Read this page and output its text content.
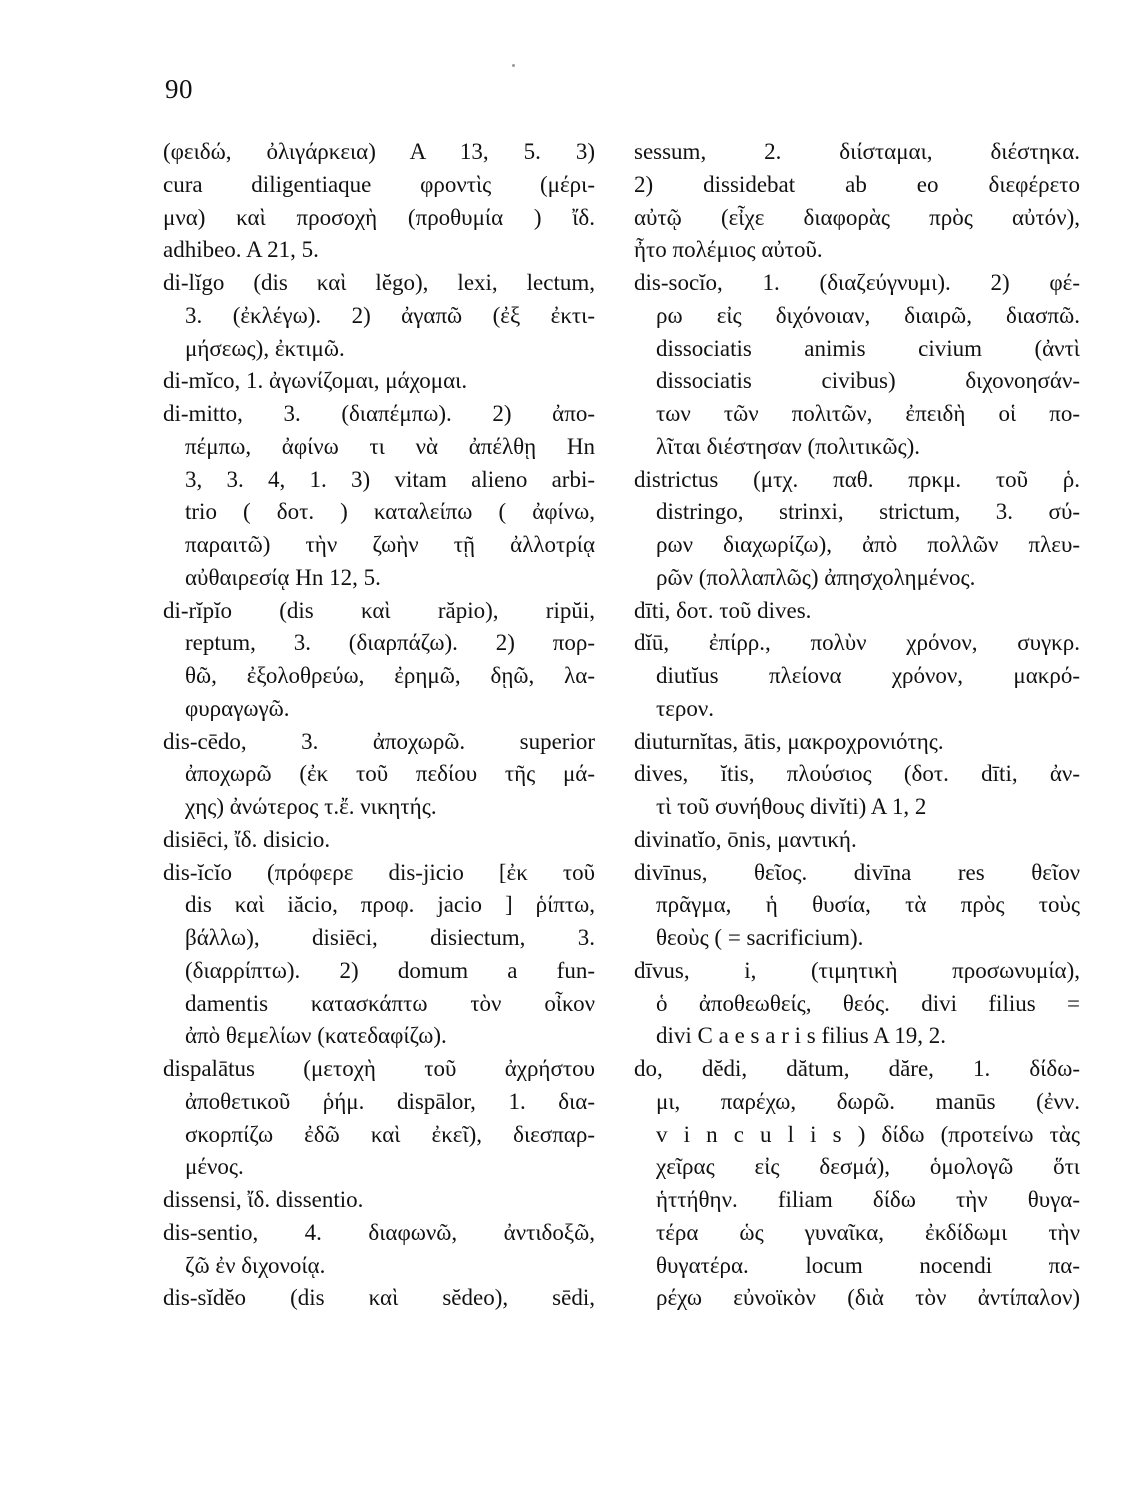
90
(φειδώ, ὀλιγάρκεια) Α 13, 5. 3)
cura diligentiaque φροντὶς (μέρι-
μνα) καὶ προσοχὴ (προθυμία ) ἴδ.
adhibeo. A 21, 5.
di-lĭgo (dis καὶ lĕgo), lexi, lectum,
3. (ἐκλέγω). 2) ἀγαπῶ (ἐξ ἐκτι-
μήσεως), ἐκτιμῶ.
di-mĭco, 1. ἀγωνίζομαι, μάχομαι.
di-mitto, 3. (διαπέμπω). 2) ἀπο-
πέμπω, ἀφίνω τι νὰ ἀπέλθῃ Hn
3, 3. 4, 1. 3) vitam alieno arbi-
trio ( δοτ. ) καταλείπω ( ἀφίνω,
παραιτῶ) τὴν ζωὴν τῇ ἀλλοτρίᾳ
αὐθαιρεσίᾳ Hn 12, 5.
di-rĭpĭo (dis καὶ răpio), ripŭi,
reptum, 3. (διαρπάζω). 2) πορ-
θῶ, ἐξολοθρεύω, ἐρημῶ, δῃῶ, λα-
φυραγωγῶ.
dis-cēdo, 3. ἀποχωρῶ. superior
ἀποχωρῶ (ἐκ τοῦ πεδίου τῆς μά-
χης) ἀνώτερος τ.ἔ. νικητής.
disiēci, ἴδ. disicio.
dis-ĭcĭo (πρόφερε dis-jicio [ἐκ τοῦ
dis καὶ iăcio, προφ. jacio ] ῥίπτω,
βάλλω), disiēci, disiectum, 3.
(διαρρίπτω). 2) domum a fun-
damentis κατασκάπτω τὸν οἶκον
ἀπὸ θεμελίων (κατεδαφίζω).
dispalātus (μετοχὴ τοῦ ἀχρήστου
ἀποθετικοῦ ῥήμ. dispālor, 1. δια-
σκορπίζω ἐδῶ καὶ ἐκεῖ), διεσπαρ-
μένος.
dissensi, ἴδ. dissentio.
dis-sentio, 4. διαφωνῶ, ἀντιδοξῶ,
ζῶ ἐν διχονοίᾳ.
dis-sĭdĕo (dis καὶ sĕdeo), sēdi,
sessum, 2. διίσταμαι, διέστηκα.
2) dissidebat ab eo διεφέρετο
αὐτῷ (εἶχε διαφορὰς πρὸς αὐτόν),
ἦτο πολέμιος αὐτοῦ.
dis-socĭo, 1. (διαζεύγνυμι). 2) φέ-
ρω εἰς διχόνοιαν, διαιρῶ, διασπῶ.
dissociatis animis civium (ἀντὶ
dissociatis civibus) διχονοησάν-
των τῶν πολιτῶν, ἐπειδὴ οἱ πο-
λῖται διέστησαν (πολιτικῶς).
districtus (μτχ. παθ. πρκμ. τοῦ ῥ.
distringo, strinxi, strictum, 3. σύ-
ρων διαχωρίζω), ἀπὸ πολλῶν πλευ-
ρῶν (πολλαπλῶς) ἀπησχολημένος.
dīti, δοτ. τοῦ dives.
dĭū, ἐπίρρ., πολὺν χρόνον, συγκρ.
diutĭus πλείονα χρόνον, μακρό-
τερον.
diuturnĭtas, ātis, μακροχρονιότης.
dives, ĭtis, πλούσιος (δοτ. dīti, ἀν-
τὶ τοῦ συνήθους divĭti) A 1, 2
divinatĭo, ōnis, μαντική.
divīnus, θεῖος. divīna res θεῖον
πρᾶγμα, ἡ θυσία, τὰ πρὸς τοὺς
θεοὺς ( = sacrificium).
dīvus, i, (τιμητικὴ προσωνυμία),
ὁ ἀποθεωθείς, θεός. divi filius =
divi C a e s a r i s filius A 19, 2.
do, dĕdi, dătum, dăre, 1. δίδω-
μι, παρέχω, δωρῶ. manūs (ἐνν.
v i n c u l i s ) δίδω (προτείνω τὰς
χεῖρας εἰς δεσμά), ὁμολογῶ ὅτι
ἡττήθην. filiam δίδω τὴν θυγα-
τέρα ὡς γυναῖκα, ἐκδίδωμι τὴν
θυγατέρα. locum nocendi πα-
ρέχω εὐνοϊκὸν (διὰ τὸν ἀντίπαλον)
